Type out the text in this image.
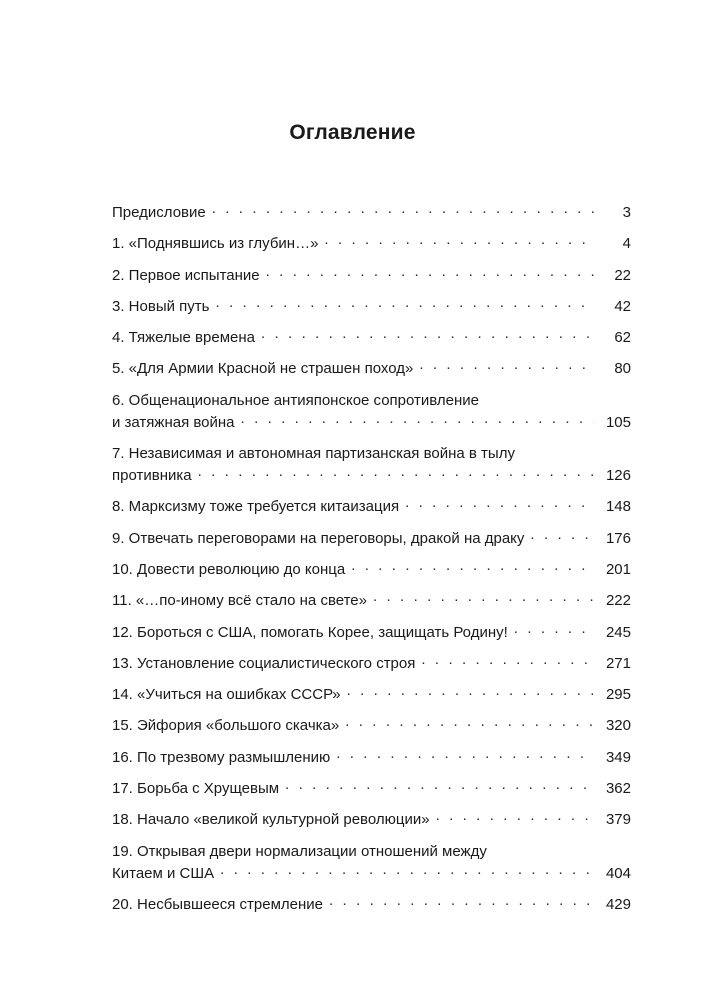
Оглавление
Предисловие . . .	3
1. «Поднявшись из глубин…» . . .	4
2. Первое испытание . . .	22
3. Новый путь . . .	42
4. Тяжелые времена . . .	62
5. «Для Армии Красной не страшен поход» . . .	80
6. Общенациональное антияпонское сопротивление
и затяжная война . . .	105
7. Независимая и автономная партизанская война в тылу
противника . . .	126
8. Марксизму тоже требуется китаизация . . .	148
9. Отвечать переговорами на переговоры, дракой на драку . . .	176
10. Довести революцию до конца . . .	201
11. «…по-иному всё стало на свете» . . .	222
12. Бороться с США, помогать Корее, защищать Родину! . . .	245
13. Установление социалистического строя . . .	271
14. «Учиться на ошибках СССР» . . .	295
15. Эйфория «большого скачка» . . .	320
16. По трезвому размышлению . . .	349
17. Борьба с Хрущевым . . .	362
18. Начало «великой культурной революции» . . .	379
19. Открывая двери нормализации отношений между
Китаем и США . . .	404
20. Несбывшееся стремление . . .	429
